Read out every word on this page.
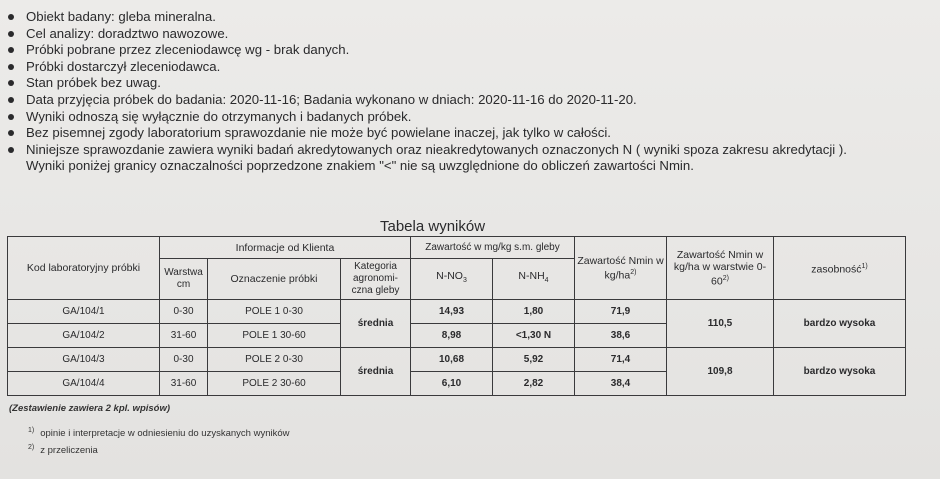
Obiekt badany: gleba mineralna.
Cel analizy: doradztwo nawozowe.
Próbki pobrane przez zleceniodawcę wg - brak danych.
Próbki dostarczył zleceniodawca.
Stan próbek bez uwag.
Data przyjęcia próbek do badania: 2020-11-16; Badania wykonano w dniach: 2020-11-16 do 2020-11-20.
Wyniki odnoszą się wyłącznie do otrzymanych i badanych próbek.
Bez pisemnej zgody laboratorium sprawozdanie nie może być powielane inaczej, jak tylko w całości.
Niniejsze sprawozdanie zawiera wyniki badań akredytowanych oraz nieakredytowanych oznaczonych N ( wyniki spoza zakresu akredytacji ).
Wyniki poniżej granicy oznaczalności poprzedzone znakiem "<" nie są uwzględnione do obliczeń zawartości Nmin.
Tabela wyników
Kod laboratoryjny próbki	Informacje od Klienta			Zawartość w mg/kg s.m. gleby		Zawartość Nmin w $kg/ha^{2)}$	Zawartość Nmin w kg/ha w warstwie 0-60$^{2)}$	zasobność$^{1)}$
	Warstwa cm	Oznaczenie próbki	Kategoria agronomi-czna gleby	$N-NO_3$	$N-NH_4$
GA/104/1	0-30	POLE 1 0-30	średnia	14,93	1,80	71,9	110,5	bardzo wysoka
GA/104/2	31-60	POLE 1 30-60		8,98	<1,30 N	38,6		
GA/104/3	0-30	POLE 2 0-30	średnia	10,68	5,92	71,4	109,8	bardzo wysoka
GA/104/4	31-60	POLE 2 30-60		6,10	2,82	38,4		
(Zestawienie zawiera 2 kpl. wpisów)
$^{1)}$ opinie i interpretacje w odniesieniu do uzyskanych wyników
$^{2)}$ z przeliczenia
